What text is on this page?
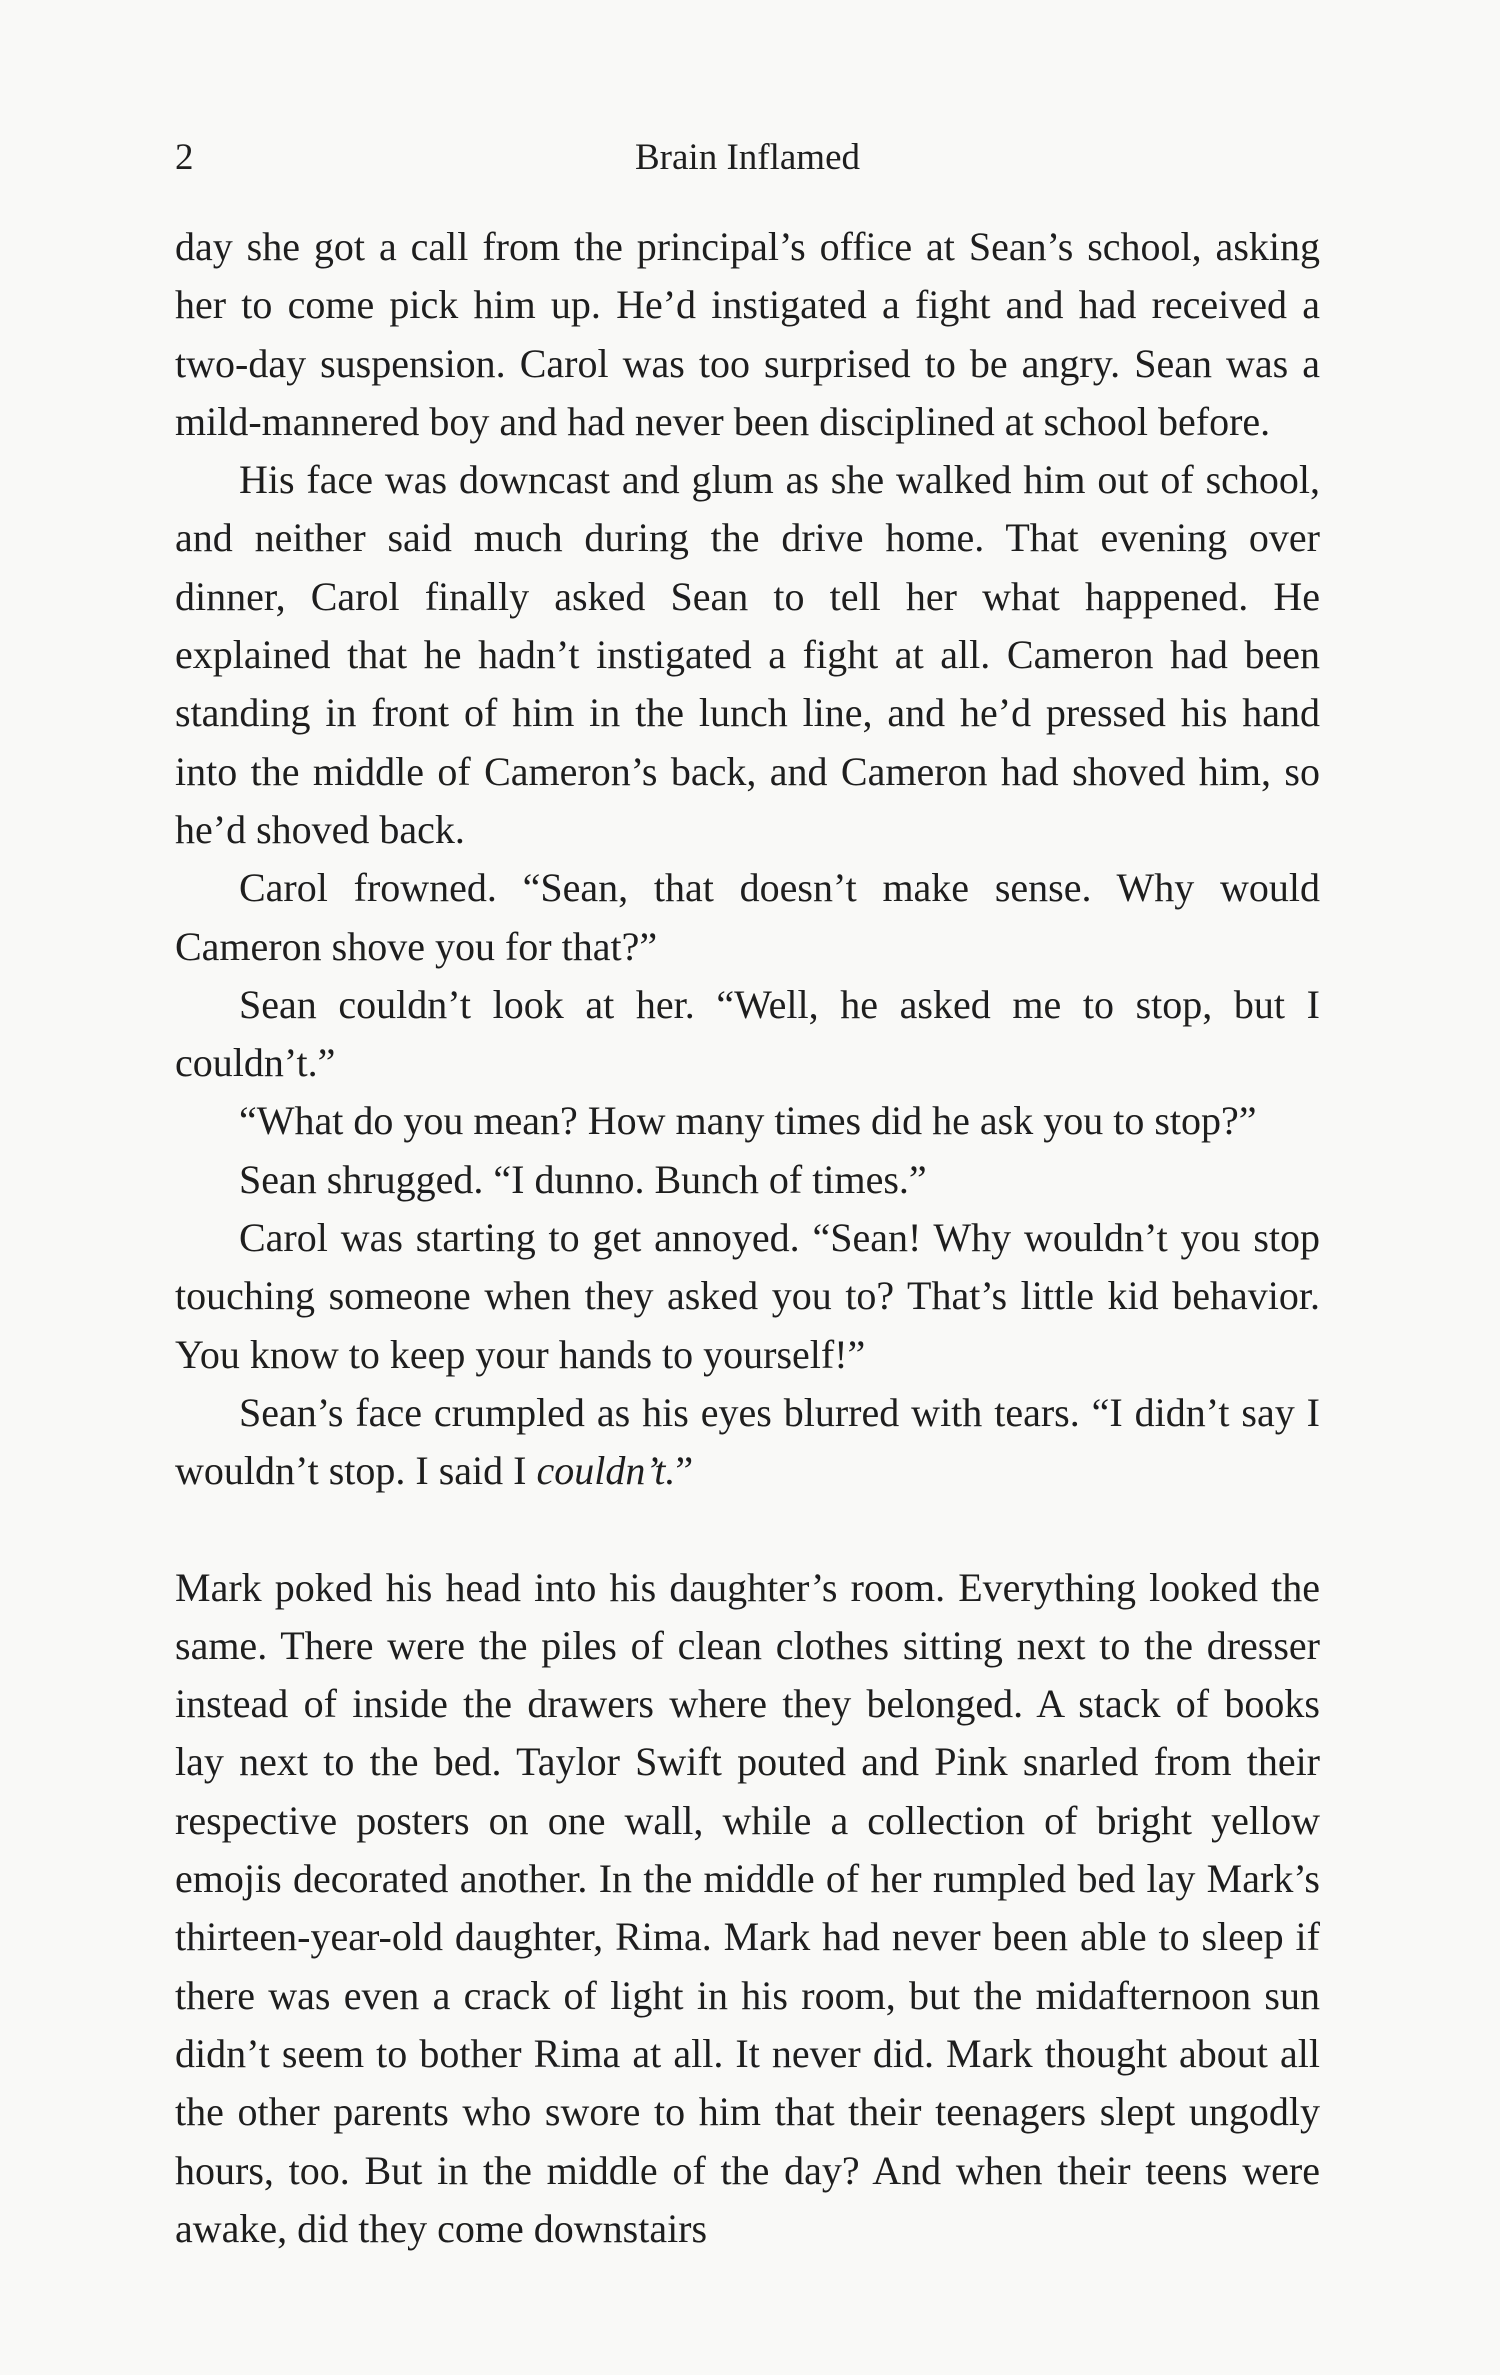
2	Brain Inflamed

day she got a call from the principal’s office at Sean’s school, asking her to come pick him up. He’d instigated a fight and had received a two-day suspension. Carol was too surprised to be angry. Sean was a mild-mannered boy and had never been disciplined at school before.

His face was downcast and glum as she walked him out of school, and neither said much during the drive home. That evening over dinner, Carol finally asked Sean to tell her what happened. He explained that he hadn’t instigated a fight at all. Cameron had been standing in front of him in the lunch line, and he’d pressed his hand into the middle of Cameron’s back, and Cameron had shoved him, so he’d shoved back.

Carol frowned. “Sean, that doesn’t make sense. Why would Cameron shove you for that?”

Sean couldn’t look at her. “Well, he asked me to stop, but I couldn’t.”

“What do you mean? How many times did he ask you to stop?”

Sean shrugged. “I dunno. Bunch of times.”

Carol was starting to get annoyed. “Sean! Why wouldn’t you stop touching someone when they asked you to? That’s little kid behavior. You know to keep your hands to yourself!”

Sean’s face crumpled as his eyes blurred with tears. “I didn’t say I wouldn’t stop. I said I couldn’t.”

Mark poked his head into his daughter’s room. Everything looked the same. There were the piles of clean clothes sitting next to the dresser instead of inside the drawers where they belonged. A stack of books lay next to the bed. Taylor Swift pouted and Pink snarled from their respective posters on one wall, while a collection of bright yellow emojis decorated another. In the middle of her rumpled bed lay Mark’s thirteen-year-old daughter, Rima. Mark had never been able to sleep if there was even a crack of light in his room, but the midafternoon sun didn’t seem to bother Rima at all. It never did. Mark thought about all the other parents who swore to him that their teenagers slept ungodly hours, too. But in the middle of the day? And when their teens were awake, did they come downstairs
